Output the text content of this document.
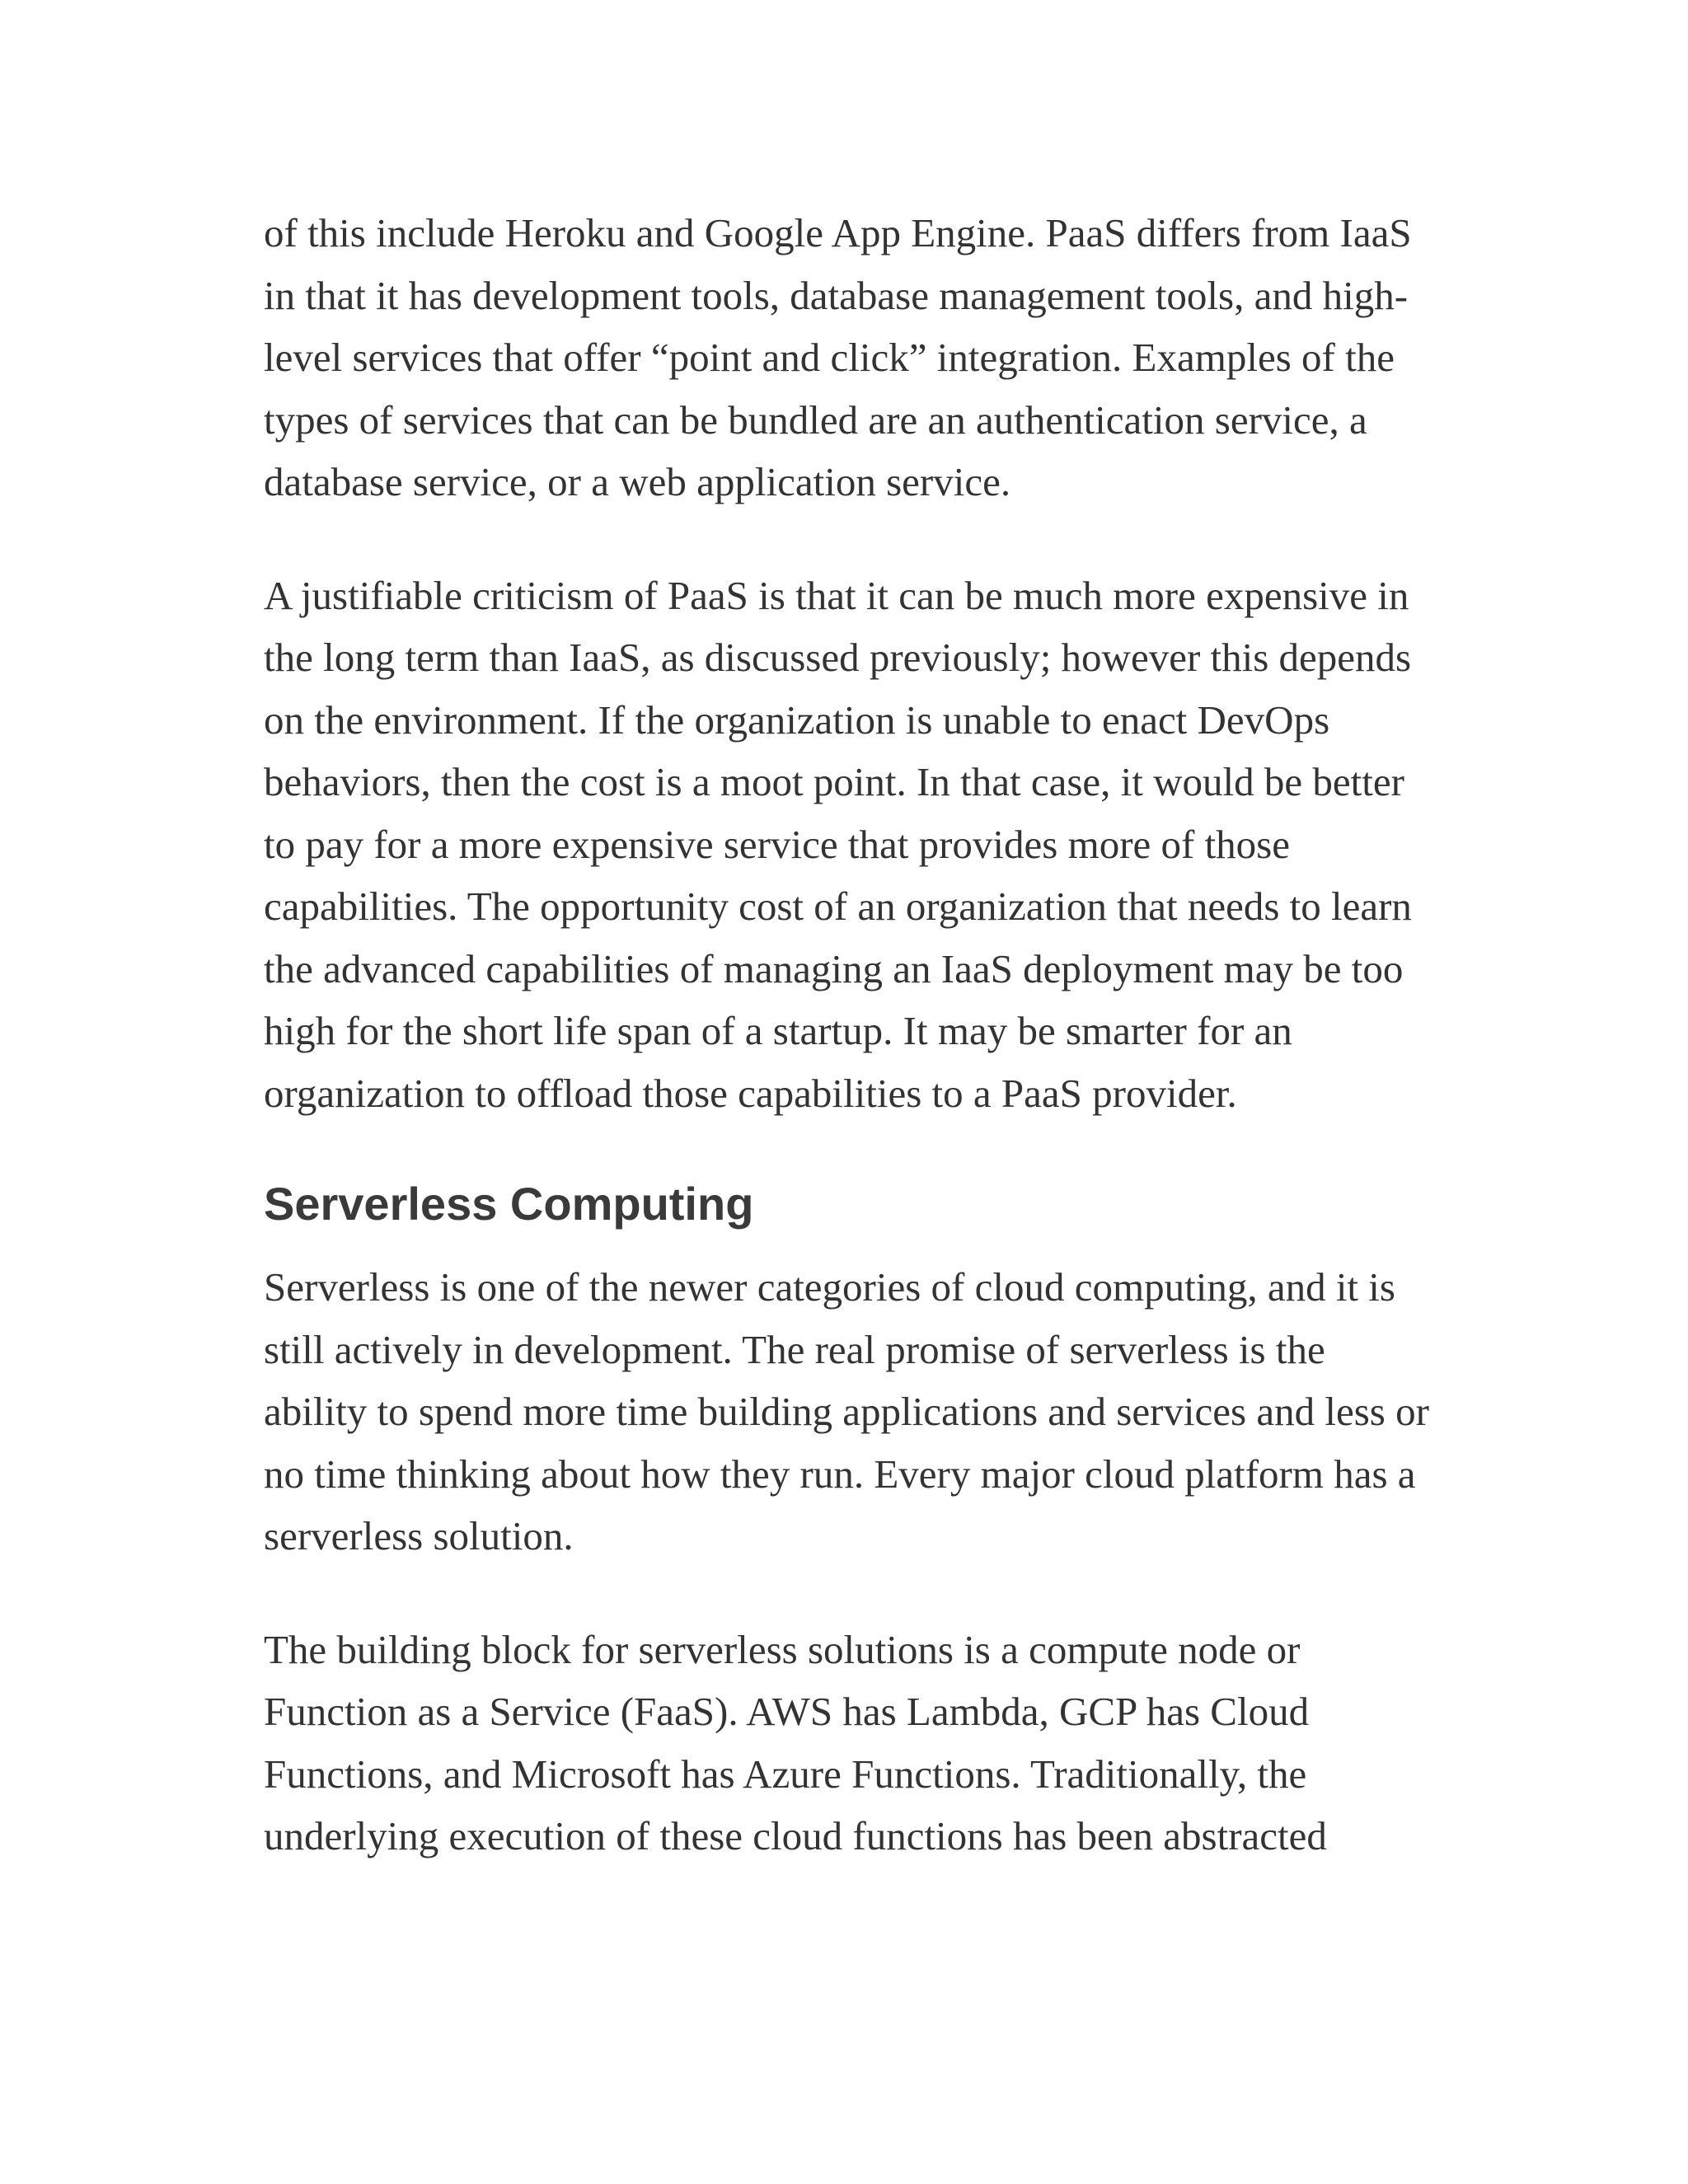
of this include Heroku and Google App Engine. PaaS differs from IaaS in that it has development tools, database management tools, and high-level services that offer “point and click” integration. Examples of the types of services that can be bundled are an authentication service, a database service, or a web application service.

A justifiable criticism of PaaS is that it can be much more expensive in the long term than IaaS, as discussed previously; however this depends on the environment. If the organization is unable to enact DevOps behaviors, then the cost is a moot point. In that case, it would be better to pay for a more expensive service that provides more of those capabilities. The opportunity cost of an organization that needs to learn the advanced capabilities of managing an IaaS deployment may be too high for the short life span of a startup. It may be smarter for an organization to offload those capabilities to a PaaS provider.

Serverless Computing

Serverless is one of the newer categories of cloud computing, and it is still actively in development. The real promise of serverless is the ability to spend more time building applications and services and less or no time thinking about how they run. Every major cloud platform has a serverless solution.

The building block for serverless solutions is a compute node or Function as a Service (FaaS). AWS has Lambda, GCP has Cloud Functions, and Microsoft has Azure Functions. Traditionally, the underlying execution of these cloud functions has been abstracted
